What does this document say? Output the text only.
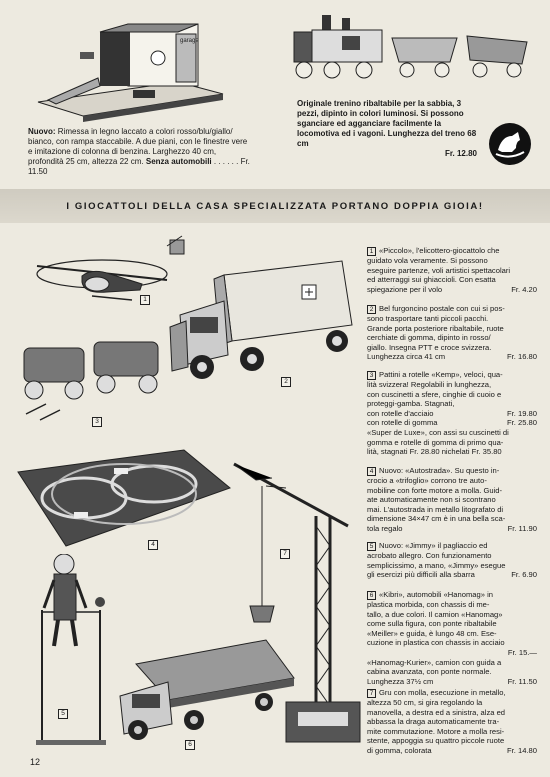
garage
Nuovo: Rimessa in legno laccato a colori rosso/blu/giallo/ bianco, con rampa staccabile. A due piani, con le finestre vere e imitazione di colonna di benzina. Larghezzo 40 cm, profondità 25 cm, altezza 22 cm. Senza automobili . . . . . . Fr. 11.50
Originale trenino ribaltabile per la sabbia, 3 pezzi, dipinto in colori luminosi. Si possono sganciare ed agganciare facilmente la locomotiva ed i vagoni. Lunghezza del treno 68 cm
Fr. 12.80
I GIOCATTOLI DELLA CASA SPECIALIZZATA PORTANO DOPPIA GIOIA!
1
2
3
4
5
6
7
1 «Piccolo», l'elicottero-giocattolo che
guidato vola veramente. Si possono
eseguire partenze, voli artistici spettacolari
ed atterraggi sui ghiaccioli. Con esatta
spiegazione per il volo	Fr. 4.20
2 Bel furgoncino postale con cui si pos-
sono trasportare tanti piccoli pacchi.
Grande porta posteriore ribaltabile, ruote
cerchiate di gomma, dipinto in rosso/
giallo. Insegna PTT e croce svizzera.
Lunghezza circa 41 cm	Fr. 16.80
3 Pattini a rotelle «Kemp», veloci, qua-
lità svizzera! Regolabili in lunghezza,
con cuscinetti a sfere, cinghie di cuoio e
proteggi-gamba. Stagnati,
con rotelle d'acciaio	Fr. 19.80
con rotelle di gomma	Fr. 25.80
«Super de Luxe», con assi su cuscinetti di
gomma e rotelle di gomma di primo qua-
lità, stagnati Fr. 28.80 nichelati Fr. 35.80
4 Nuovo: «Autostrada». Su questo in-
crocio a «trifoglio» corrono tre auto-
mobiline con forte motore a molla. Guid-
ate automaticamente non si scontrano
mai. L'autostrada in metallo litografato di
dimensione 34×47 cm è in una bella sca-
tola regalo	Fr. 11.90
5 Nuovo: «Jimmy» il pagliaccio ed
acrobato allegro. Con funzionamento
semplicissimo, a mano, «Jimmy» esegue
gli esercizi più difficili alla sbarra	Fr. 6.90
6 «Kibri», automobili «Hanomag» in
plastica morbida, con chassis di me-
tallo, a due colori. Il camion «Hanomag»
come sulla figura, con ponte ribaltabile
«Meiller» e guida, è lungo 48 cm. Ese-
cuzione in plastica con chassis in acciaio
Fr. 15.—
«Hanomag-Kurier», camion con guida a
cabina avanzata, con ponte normale.
Lunghezza 37½ cm	Fr. 11.50
7 Gru con molla, esecuzione in metallo,
altezza 50 cm, si gira regolando la
manovella, a destra ed a sinistra, alza ed
abbassa la draga automaticamente tra-
mite commutazione. Motore a molla resi-
stente, appoggia su quattro piccole ruote
di gomma, colorata	Fr. 14.80
12
